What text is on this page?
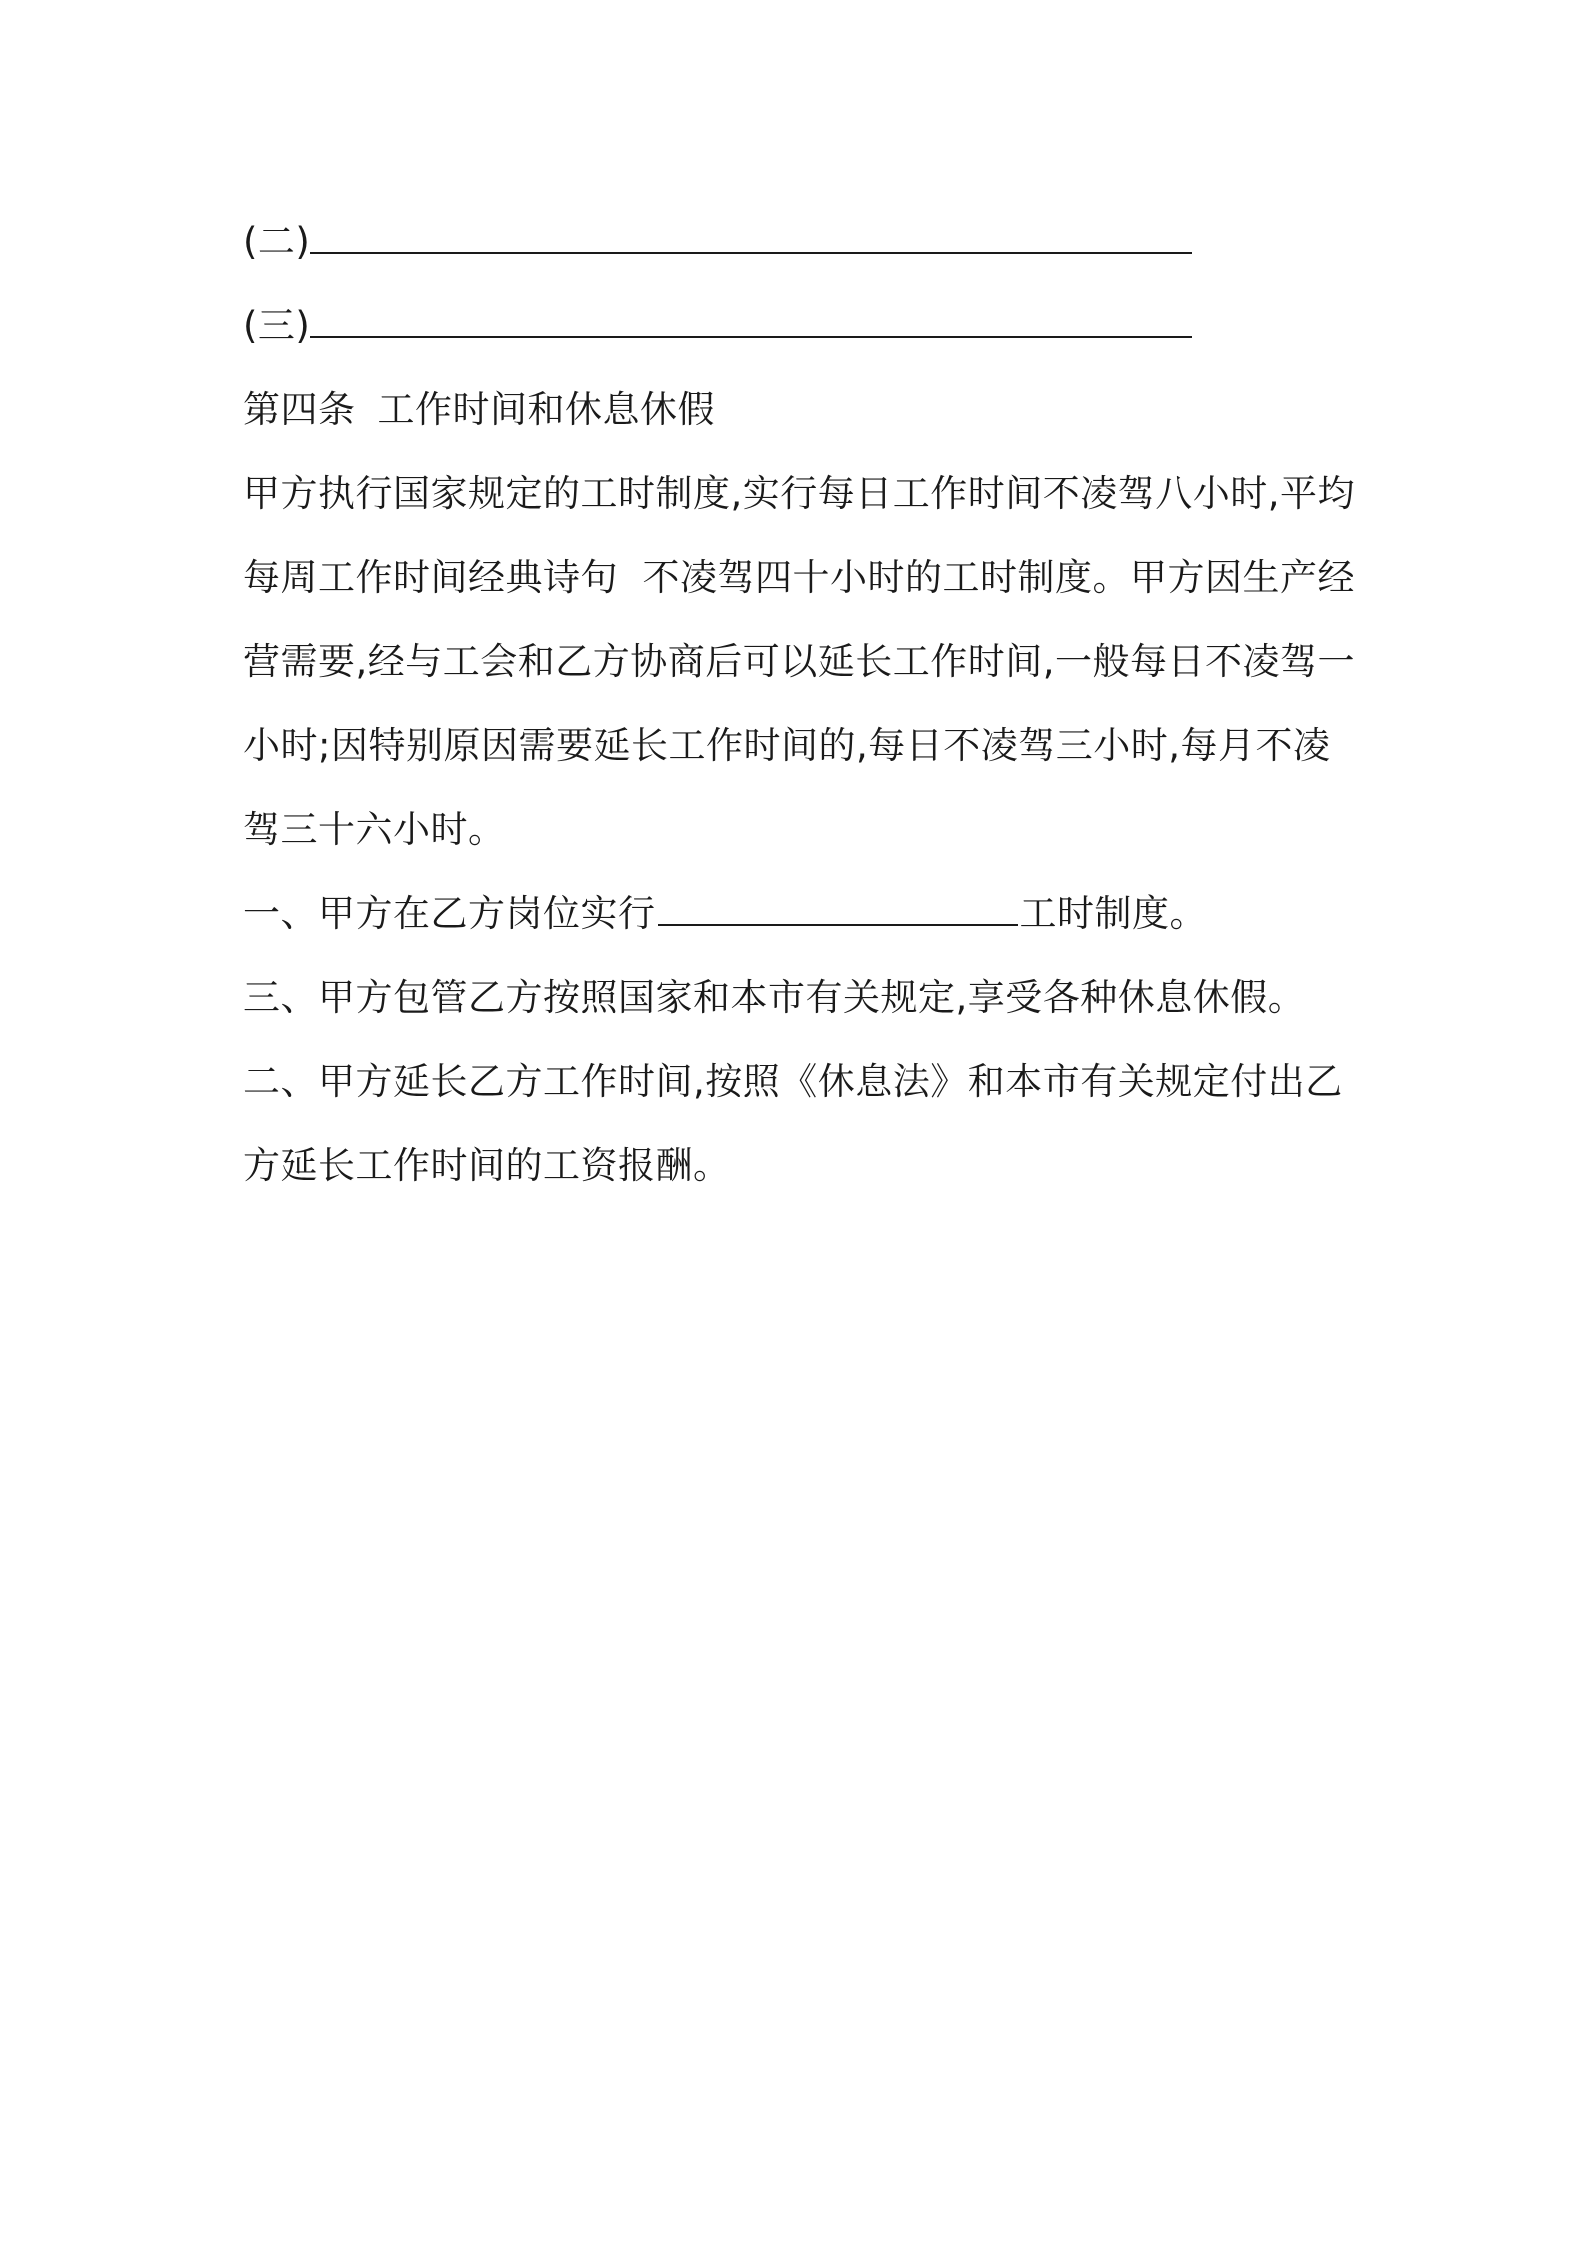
(二)
(三)
第四条 工作时间和休息休假
甲方执行国家规定的工时制度,实行每日工作时间不凌驾八小时,平均
每周工作时间经典诗句  不凌驾四十小时的工时制度。甲方因生产经
营需要,经与工会和乙方协商后可以延长工作时间,一般每日不凌驾一
小时;因特别原因需要延长工作时间的,每日不凌驾三小时,每月不凌
驾三十六小时。
一、甲方在乙方岗位实行	工时制度。
三、甲方包管乙方按照国家和本市有关规定,享受各种休息休假。
二、甲方延长乙方工作时间,按照《休息法》和本市有关规定付出乙
方延长工作时间的工资报酬。
